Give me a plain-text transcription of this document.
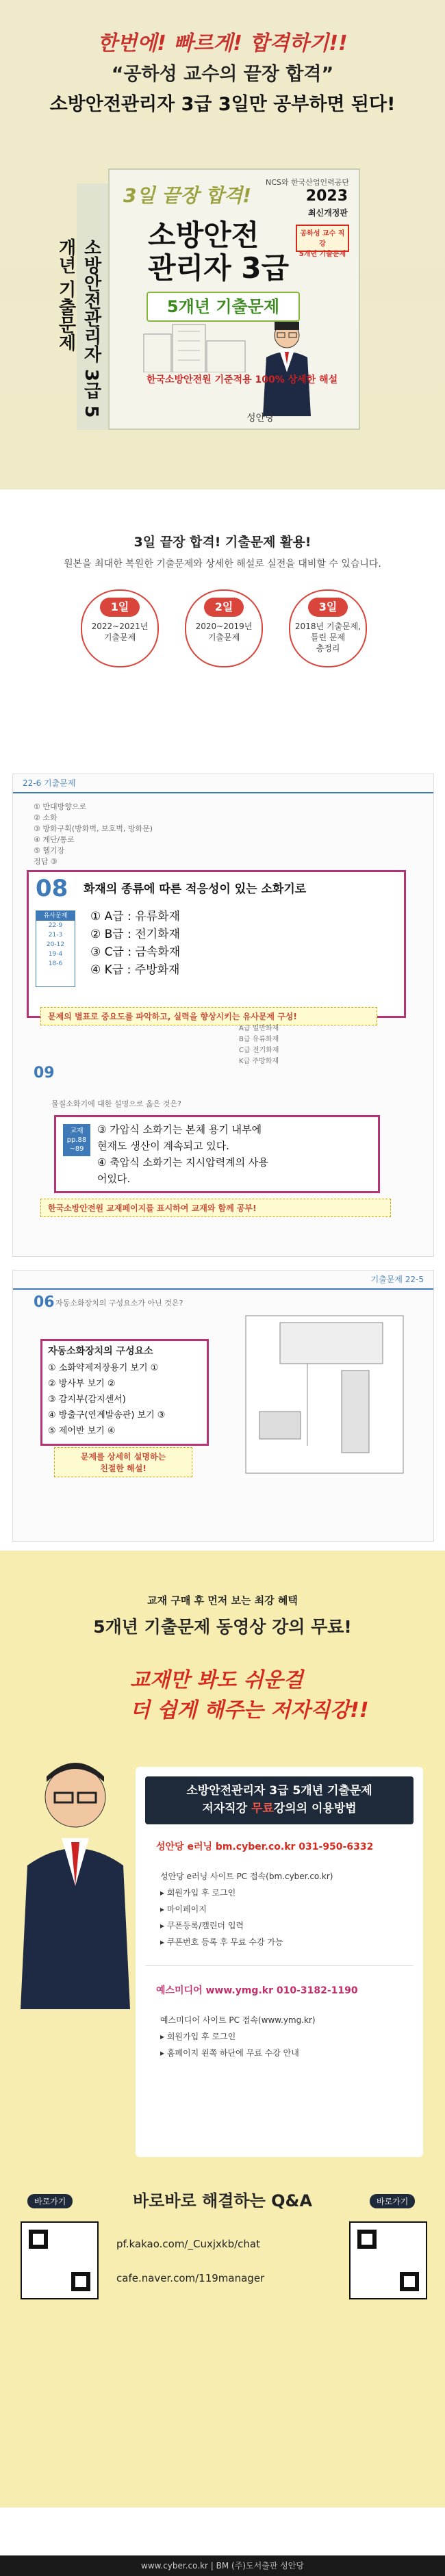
한번에! 빠르게! 합격하기!!
“공하성 교수의 끝장 합격”
소방안전관리자 3급 3일만 공부하면 된다!
소방안전관리자 3급 5개년 기출문제
3일 끝장 합격!
NCS와 한국산업인력공단
2023
최신개정판
소방안전
관리자 3급
공하성 교수 직강
5개년 기출문제
5개년 기출문제
한국소방안전원 기준적용 100% 상세한 해설
성안당
3일 끝장 합격! 기출문제 활용!
원본을 최대한 복원한 기출문제와 상세한 해설로 실전을 대비할 수 있습니다.
1일
2022~2021년
기출문제
2일
2020~2019년
기출문제
3일
2018년 기출문제,
틀린 문제
총정리
22-6 기출문제
① 반대방향으로
② 소화
③ 방화구획(방화벽, 보호벽, 방화문)
④ 계단/통로
⑤ 헬기장
정답 ③
08 화재의 종류에 따른 적응성이 있는 소화기로
① A급 : 유류화재
② B급 : 전기화재
③ C급 : 금속화재
④ K급 : 주방화재
유사문제
22-9
21-3
20-12
19-4
18-6
문제의 별표로 중요도를 파악하고, 실력을 향상시키는 유사문제 구성!
A급 일반화재
B급 유류화재
C급 전기화재
K급 주방화재
09
물질소화기에 대한 설명으로 옳은 것은?
교재
pp.88
~89
③ 가압식 소화기는 본체 용기 내부에
현재도 생산이 계속되고 있다.
④ 축압식 소화기는 지시압력계의 사용
어있다.
한국소방안전원 교재페이지를 표시하여 교재와 함께 공부!
기출문제 22-5
06 자동소화장치의 구성요소가 아닌 것은?
자동소화장치의 구성요소
① 소화약제저장용기 보기 ①
② 방사부 보기 ②
③ 감지부(감지센서)
④ 방출구(연계발송관) 보기 ③
⑤ 제어반 보기 ④
문제를 상세히 설명하는
친절한 해설!
교재 구매 후 먼저 보는 최강 혜택
5개년 기출문제 동영상 강의 무료!
교재만 봐도 쉬운걸
더 쉽게 해주는 저자직강!!
소방안전관리자 3급 5개년 기출문제
저자직강 무료강의의 이용방법
성안당 e러닝 bm.cyber.co.kr 031-950-6332
성안당 e러닝 사이트 PC 접속(bm.cyber.co.kr)
▸ 회원가입 후 로그인
▸ 마이페이지
▸ 쿠폰등록/캘린더 입력
▸ 쿠폰번호 등록 후 무료 수강 가능
예스미디어 www.ymg.kr 010-3182-1190
예스미디어 사이트 PC 접속(www.ymg.kr)
▸ 회원가입 후 로그인
▸ 홈페이지 왼쪽 하단에 무료 수강 안내
바로바로 해결하는 Q&A
바로가기	바로가기
pf.kakao.com/_Cuxjxkb/chat
cafe.naver.com/119manager
www.cyber.co.kr | BM (주)도서출판 성안당
